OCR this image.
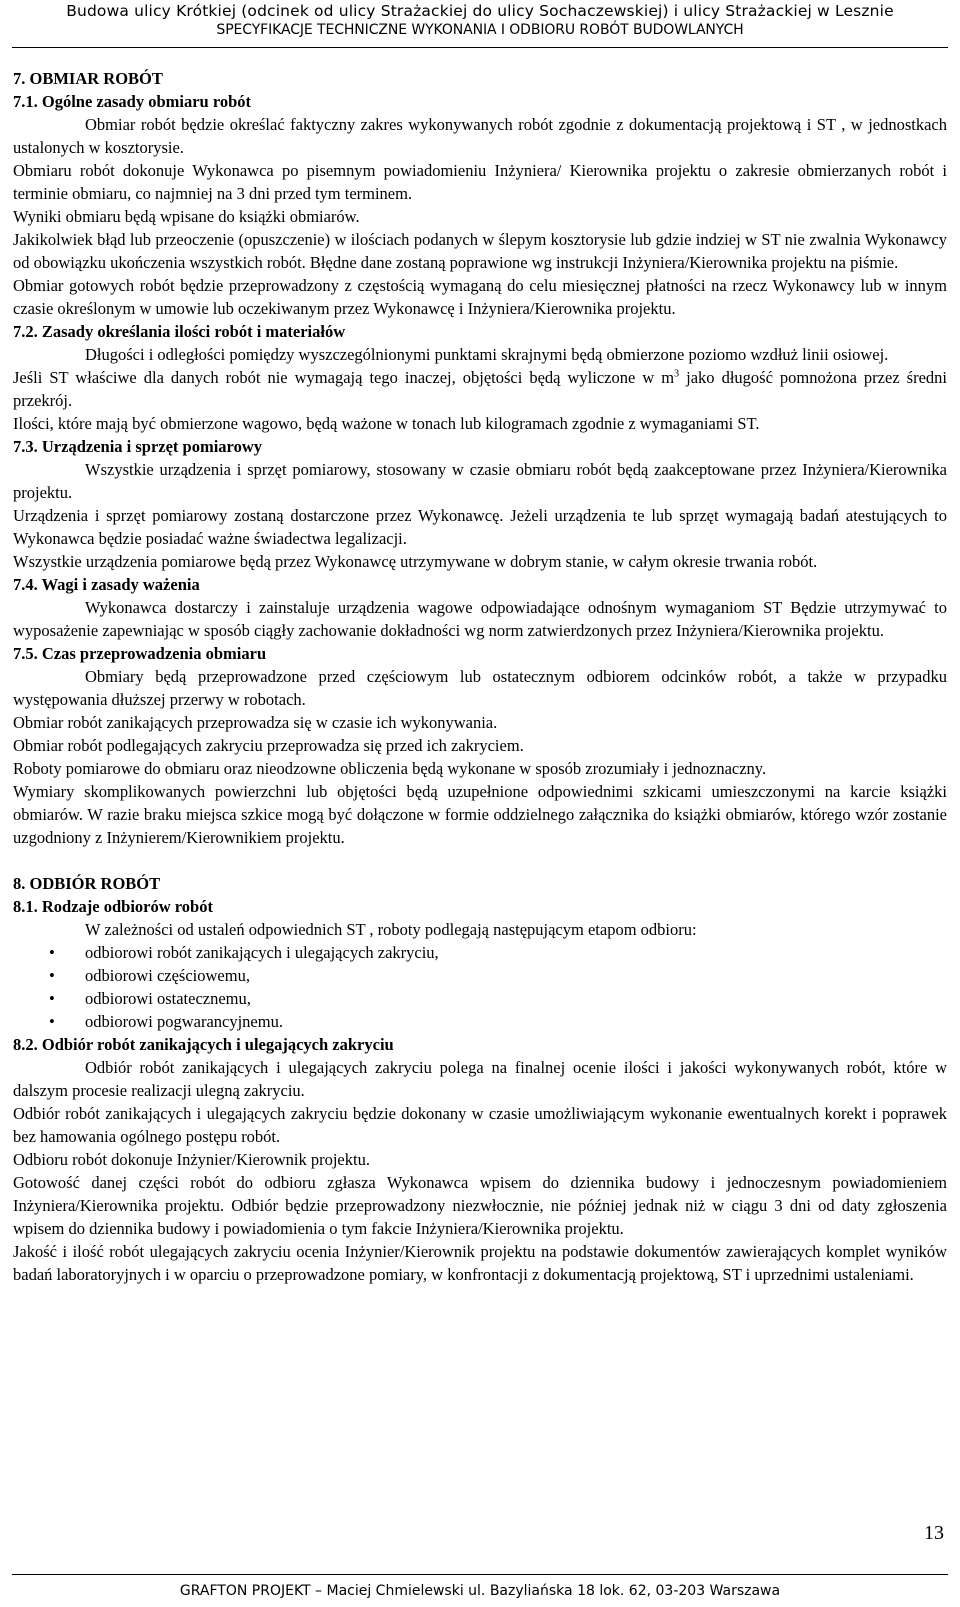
Budowa ulicy Krótkiej (odcinek od ulicy Strażackiej do ulicy Sochaczewskiej) i ulicy Strażackiej w Lesznie
SPECYFIKACJE TECHNICZNE WYKONANIA I ODBIORU ROBÓT BUDOWLANYCH
7. OBMIAR ROBÓT
7.1. Ogólne zasady obmiaru robót

Obmiar robót będzie określać faktyczny zakres wykonywanych robót zgodnie z dokumentacją projektową i ST , w jednostkach ustalonych w kosztorysie.

Obmiaru robót dokonuje Wykonawca po pisemnym powiadomieniu Inżyniera/ Kierownika projektu o zakresie obmierzanych robót i terminie obmiaru, co najmniej na 3 dni przed tym terminem.

Wyniki obmiaru będą wpisane do książki obmiarów.

Jakikolwiek błąd lub przeoczenie (opuszczenie) w ilościach podanych w ślepym kosztorysie lub gdzie indziej w ST nie zwalnia Wykonawcy od obowiązku ukończenia wszystkich robót. Błędne dane zostaną poprawione wg instrukcji Inżyniera/Kierownika projektu na piśmie.

Obmiar gotowych robót będzie przeprowadzony z częstością wymaganą do celu miesięcznej płatności na rzecz Wykonawcy lub w innym czasie określonym w umowie lub oczekiwanym przez Wykonawcę i Inżyniera/Kierownika projektu.

7.2. Zasady określania ilości robót i materiałów

Długości i odległości pomiędzy wyszczególnionymi punktami skrajnymi będą obmierzone poziomo wzdłuż linii osiowej.

Jeśli ST właściwe dla danych robót nie wymagają tego inaczej, objętości będą wyliczone w $m^3$ jako długość pomnożona przez średni przekrój.

Ilości, które mają być obmierzone wagowo, będą ważone w tonach lub kilogramach zgodnie z wymaganiami ST.

7.3. Urządzenia i sprzęt pomiarowy

Wszystkie urządzenia i sprzęt pomiarowy, stosowany w czasie obmiaru robót będą zaakceptowane przez Inżyniera/Kierownika projektu.

Urządzenia i sprzęt pomiarowy zostaną dostarczone przez Wykonawcę. Jeżeli urządzenia te lub sprzęt wymagają badań atestujących to Wykonawca będzie posiadać ważne świadectwa legalizacji.

Wszystkie urządzenia pomiarowe będą przez Wykonawcę utrzymywane w dobrym stanie, w całym okresie trwania robót.

7.4. Wagi i zasady ważenia

Wykonawca dostarczy i zainstaluje urządzenia wagowe odpowiadające odnośnym wymaganiom ST Będzie utrzymywać to wyposażenie zapewniając w sposób ciągły zachowanie dokładności wg norm zatwierdzonych przez Inżyniera/Kierownika projektu.

7.5. Czas przeprowadzenia obmiaru

Obmiary będą przeprowadzone przed częściowym lub ostatecznym odbiorem odcinków robót, a także w przypadku występowania dłuższej przerwy w robotach.

Obmiar robót zanikających przeprowadza się w czasie ich wykonywania.

Obmiar robót podlegających zakryciu przeprowadza się przed ich zakryciem.

Roboty pomiarowe do obmiaru oraz nieodzowne obliczenia będą wykonane w sposób zrozumiały i jednoznaczny.

Wymiary skomplikowanych powierzchni lub objętości będą uzupełnione odpowiednimi szkicami umieszczonymi na karcie książki obmiarów. W razie braku miejsca szkice mogą być dołączone w formie oddzielnego załącznika do książki obmiarów, którego wzór zostanie uzgodniony z Inżynierem/Kierownikiem projektu.

8. ODBIÓR ROBÓT
8.1. Rodzaje odbiorów robót

W zależności od ustaleń odpowiednich ST , roboty podlegają następującym etapom odbioru:

• odbiorowi robót zanikających i ulegających zakryciu,
• odbiorowi częściowemu,
• odbiorowi ostatecznemu,
• odbiorowi pogwarancyjnemu.
8.2. Odbiór robót zanikających i ulegających zakryciu

Odbiór robót zanikających i ulegających zakryciu polega na finalnej ocenie ilości i jakości wykonywanych robót, które w dalszym procesie realizacji ulegną zakryciu.

Odbiór robót zanikających i ulegających zakryciu będzie dokonany w czasie umożliwiającym wykonanie ewentualnych korekt i poprawek bez hamowania ogólnego postępu robót.

Odbioru robót dokonuje Inżynier/Kierownik projektu.

Gotowość danej części robót do odbioru zgłasza Wykonawca wpisem do dziennika budowy i jednoczesnym powiadomieniem Inżyniera/Kierownika projektu. Odbiór będzie przeprowadzony niezwłocznie, nie później jednak niż w ciągu 3 dni od daty zgłoszenia wpisem do dziennika budowy i powiadomienia o tym fakcie Inżyniera/Kierownika projektu.

Jakość i ilość robót ulegających zakryciu ocenia Inżynier/Kierownik projektu na podstawie dokumentów zawierających komplet wyników badań laboratoryjnych i w oparciu o przeprowadzone pomiary, w konfrontacji z dokumentacją projektową, ST i uprzednimi ustaleniami.

13
GRAFTON PROJEKT – Maciej Chmielewski ul. Bazyliańska 18 lok. 62, 03-203 Warszawa
